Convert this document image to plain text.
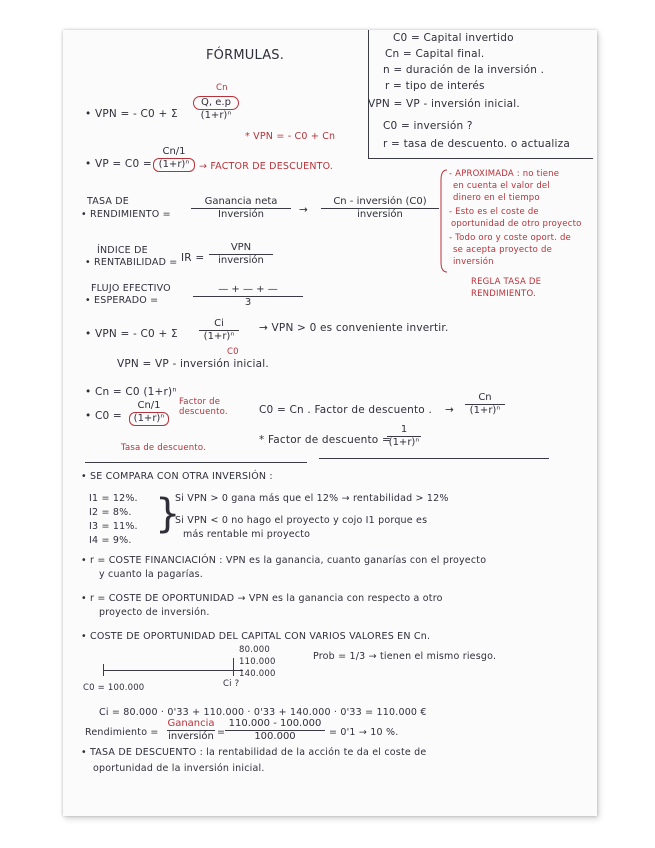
FÓRMULAS.
C0 = Capital invertido
Cn = Capital final.
n = duración de la inversión .
r = tipo de interés
VPN = VP - inversión inicial.
C0 = inversión ?
r = tasa de descuento. o actualiza
• VPN = - C0 + Σ
Cn
$\frac{Q, e.p}{\text{(1+r)ⁿ}}$
* VPN = - C0 + Cn
• VP = $C0 = \frac{Cn/1}{\text{(1+r)ⁿ}}$ → FACTOR DE DESCUENTO.
TASA DE
• RENDIMIENTO =
Ganancia neta
Inversión	→
Cn - inversión (C0)
inversión
- APROXIMADA : no tiene
en cuenta el valor del
dinero en el tiempo
- Esto es el coste de
oportunidad de otro proyecto
- Todo oro y coste oport. de
se acepta proyecto de
inversión
REGLA TASA DE
RENDIMIENTO.
ÍNDICE DE
• RENTABILIDAD = IR =
VPN
inversión
FLUJO EFECTIVO
• ESPERADO =
— + — + —
3
• VPN = - C0 + Σ $\frac{Ci}{\text{(1+r)ⁿ}}$ → VPN > 0 es conveniente invertir.
C0
VPN = VP - inversión inicial.
• Cn = C0 (1+r)ⁿ
• $C0 = \frac{Cn/1}{\text{(1+r)ⁿ}}$ Factor de
descuento.
Tasa de descuento.
C0 = Cn . Factor de descuento . → $\frac{Cn}{\text{(1+r)ⁿ}}$
* Factor de descuento =
$\frac{1}{\text{(1+r)ⁿ}}$
• SE COMPARA CON OTRA INVERSIÓN :
I1 = 12%.
I2 = 8%.
I3 = 11%.
I4 = 9%.
}
Si VPN > 0 gana más que el 12% → rentabilidad > 12%
Si VPN < 0 no hago el proyecto y cojo I1 porque es
más rentable mi proyecto
• r = COSTE FINANCIACIÓN : VPN es la ganancia, cuanto ganarías con el proyecto
y cuanto la pagarías.
• r = COSTE DE OPORTUNIDAD → VPN es la ganancia con respecto a otro
proyecto de inversión.
• COSTE DE OPORTUNIDAD DEL CAPITAL CON VARIOS VALORES EN Cn.
80.000
110.000
140.000
Ci ?
C0 = 100.000
Prob = 1/3 → tienen el mismo riesgo.
Ci = 80.000 · 0'33 + 110.000 · 0'33 + 140.000 · 0'33 = 110.000 €
Rendimiento =
Ganancia
inversión = $\frac{110.000 - 100.000}{100.000} = 0'1 \to 10$ %.
• TASA DE DESCUENTO : la rentabilidad de la acción te da el coste de
oportunidad de la inversión inicial.
